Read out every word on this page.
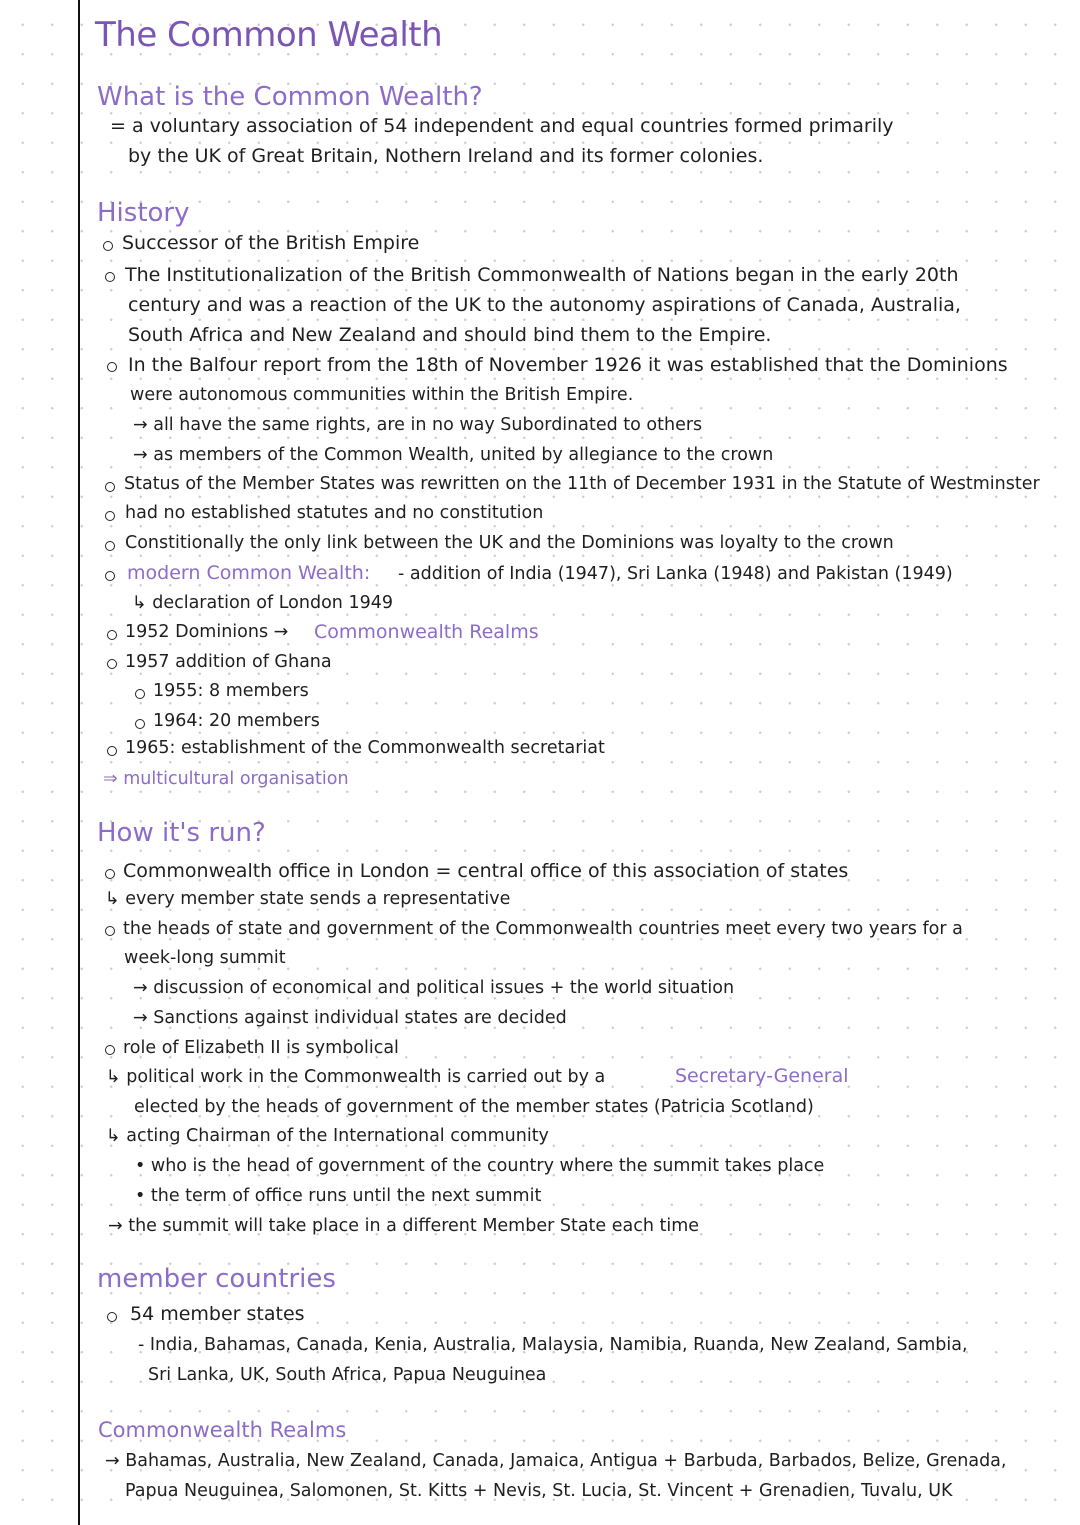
The Common Wealth
What is the Common Wealth?
= a voluntary association of 54 independent and equal countries formed primarily
by the UK of Great Britain, Nothern Ireland and its former colonies.
History
Successor of the British Empire
The Institutionalization of the British Commonwealth of Nations began in the early 20th
century and was a reaction of the UK to the autonomy aspirations of Canada, Australia,
South Africa and New Zealand and should bind them to the Empire.
In the Balfour report from the 18th of November 1926 it was established that the Dominions
were autonomous communities within the British Empire.
→ all have the same rights, are in no way Subordinated to others
→ as members of the Common Wealth, united by allegiance to the crown
Status of the Member States was rewritten on the 11th of December 1931 in the Statute of Westminster
had no established statutes and no constitution
Constitionally the only link between the UK and the Dominions was loyalty to the crown
modern Common Wealth: - addition of India (1947), Sri Lanka (1948) and Pakistan (1949)
↳ declaration of London 1949
1952 Dominions → Commonwealth Realms
1957 addition of Ghana
1955: 8 members
1964: 20 members
1965: establishment of the Commonwealth secretariat
⇒ multicultural organisation
How it's run?
Commonwealth office in London = central office of this association of states
↳ every member state sends a representative
the heads of state and government of the Commonwealth countries meet every two years for a
week-long summit
→ discussion of economical and political issues + the world situation
→ Sanctions against individual states are decided
role of Elizabeth II is symbolical
↳ political work in the Commonwealth is carried out by a	Secretary-General
elected by the heads of government of the member states (Patricia Scotland)
↳ acting Chairman of the International community
• who is the head of government of the country where the summit takes place
• the term of office runs until the next summit
→ the summit will take place in a different Member State each time
member countries
54 member states
- India, Bahamas, Canada, Kenia, Australia, Malaysia, Namibia, Ruanda, New Zealand, Sambia,
Sri Lanka, UK, South Africa, Papua Neuguinea
Commonwealth Realms
→ Bahamas, Australia, New Zealand, Canada, Jamaica, Antigua + Barbuda, Barbados, Belize, Grenada,
Papua Neuguinea, Salomonen, St. Kitts + Nevis, St. Lucia, St. Vincent + Grenadien, Tuvalu, UK
